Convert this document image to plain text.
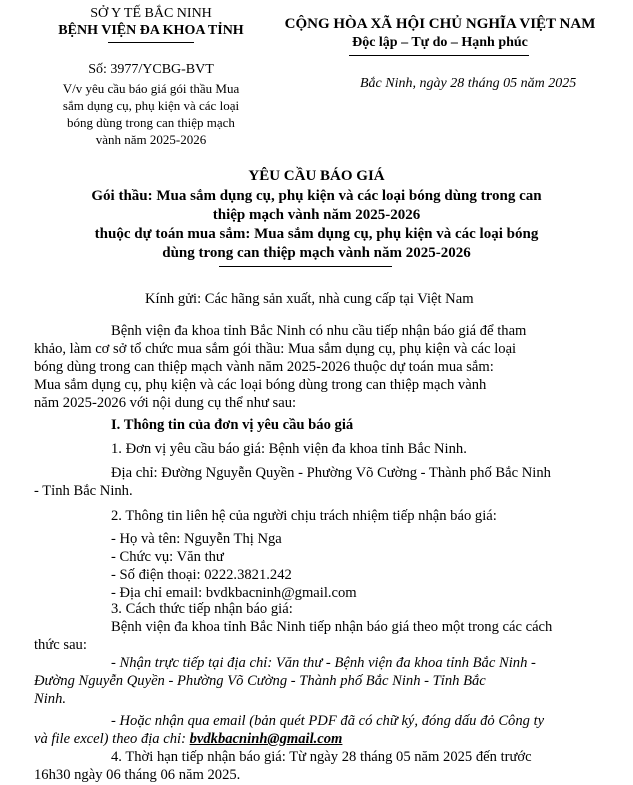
SỞ Y TẾ BẮC NINH
BỆNH VIỆN ĐA KHOA TỈNH
Số: 3977/YCBG-BVT
V/v yêu cầu báo giá gói thầu Mua
sắm dụng cụ, phụ kiện và các loại
bóng dùng trong can thiệp mạch
vành năm 2025-2026
CỘNG HÒA XÃ HỘI CHỦ NGHĨA VIỆT NAM
Độc lập – Tự do – Hạnh phúc
Bắc Ninh, ngày 28 tháng 05 năm 2025
YÊU CẦU BÁO GIÁ
Gói thầu: Mua sắm dụng cụ, phụ kiện và các loại bóng dùng trong can
thiệp mạch vành năm 2025-2026
thuộc dự toán mua sắm: Mua sắm dụng cụ, phụ kiện và các loại bóng
dùng trong can thiệp mạch vành năm 2025-2026
Kính gửi: Các hãng sản xuất, nhà cung cấp tại Việt Nam
Bệnh viện đa khoa tỉnh Bắc Ninh có nhu cầu tiếp nhận báo giá để tham
khảo, làm cơ sở tổ chức mua sắm gói thầu: Mua sắm dụng cụ, phụ kiện và các loại
bóng dùng trong can thiệp mạch vành năm 2025-2026 thuộc dự toán mua sắm:
Mua sắm dụng cụ, phụ kiện và các loại bóng dùng trong can thiệp mạch vành
năm 2025-2026 với nội dung cụ thể như sau:
I. Thông tin của đơn vị yêu cầu báo giá
1. Đơn vị yêu cầu báo giá: Bệnh viện đa khoa tỉnh Bắc Ninh.
Địa chỉ: Đường Nguyễn Quyền - Phường Võ Cường - Thành phố Bắc Ninh
- Tỉnh Bắc Ninh.
2. Thông tin liên hệ của người chịu trách nhiệm tiếp nhận báo giá:
- Họ và tên: Nguyễn Thị Nga
- Chức vụ: Văn thư
- Số điện thoại: 0222.3821.242
- Địa chỉ email: bvdkbacninh@gmail.com
3. Cách thức tiếp nhận báo giá:
Bệnh viện đa khoa tỉnh Bắc Ninh tiếp nhận báo giá theo một trong các cách
thức sau:
- Nhận trực tiếp tại địa chỉ: Văn thư - Bệnh viện đa khoa tỉnh Bắc Ninh -
Đường Nguyễn Quyền - Phường Võ Cường - Thành phố Bắc Ninh - Tỉnh Bắc
Ninh.
- Hoặc nhận qua email (bản quét PDF đã có chữ ký, đóng dấu đỏ Công ty
và file excel) theo địa chỉ: bvdkbacninh@gmail.com
4. Thời hạn tiếp nhận báo giá: Từ ngày 28 tháng 05 năm 2025 đến trước
16h30 ngày 06 tháng 06 năm 2025.
